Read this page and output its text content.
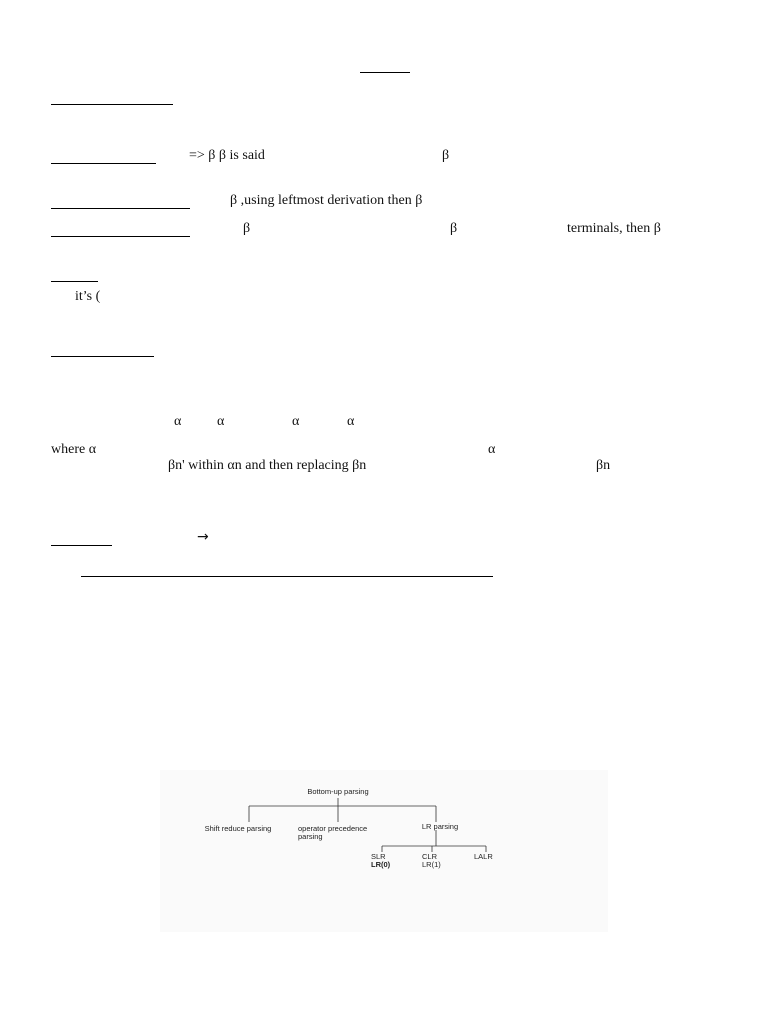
=> β β is said	β
β ,using leftmost derivation then β
β	β	terminals, then β
it’s (
α	α	α	α
where α	α
βn' within αn and then replacing βn	βn
→
Bottom-up parsing
Shift reduce parsing	operator precedence
parsing
LR parsing
SLR
LR(0)
CLR
LR(1)
LALR
